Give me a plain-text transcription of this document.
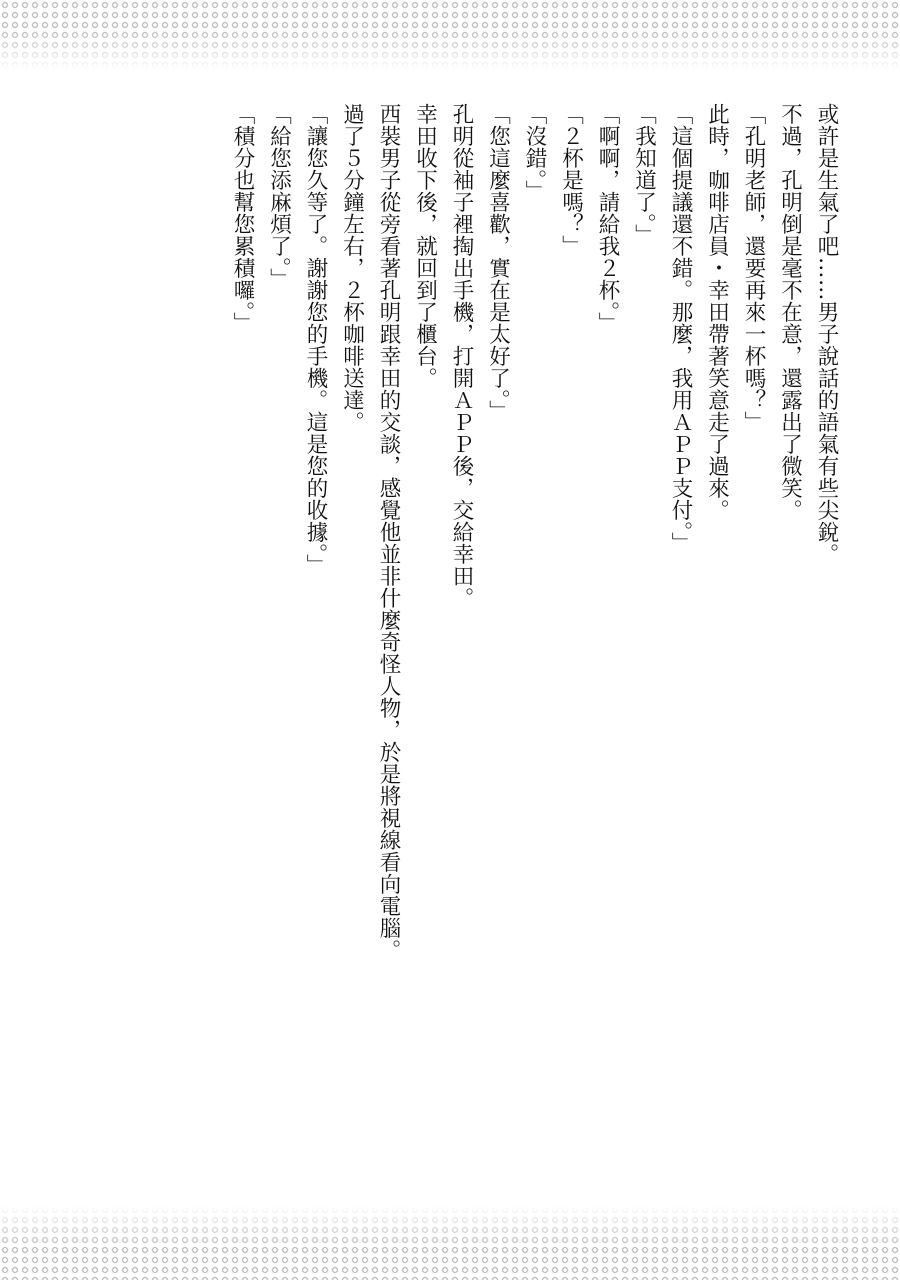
或許是生氣了吧……男子說話的語氣有些尖銳。
不過，孔明倒是毫不在意，還露出了微笑。
「孔明老師，還要再來一杯嗎？」
此時，咖啡店員・幸田帶著笑意走了過來。
「這個提議還不錯。那麼，我用ＡＰＰ支付。」
「我知道了。」
「啊啊，請給我２杯。」
「２杯是嗎？」
「沒錯。」
「您這麼喜歡，實在是太好了。」
孔明從袖子裡掏出手機，打開ＡＰＰ後，交給幸田。
幸田收下後，就回到了櫃台。
西裝男子從旁看著孔明跟幸田的交談，感覺他並非什麼奇怪人物，於是將視線看向電腦。
過了５分鐘左右，２杯咖啡送達。
「讓您久等了。謝謝您的手機。這是您的收據。」
「給您添麻煩了。」
「積分也幫您累積囉。」
